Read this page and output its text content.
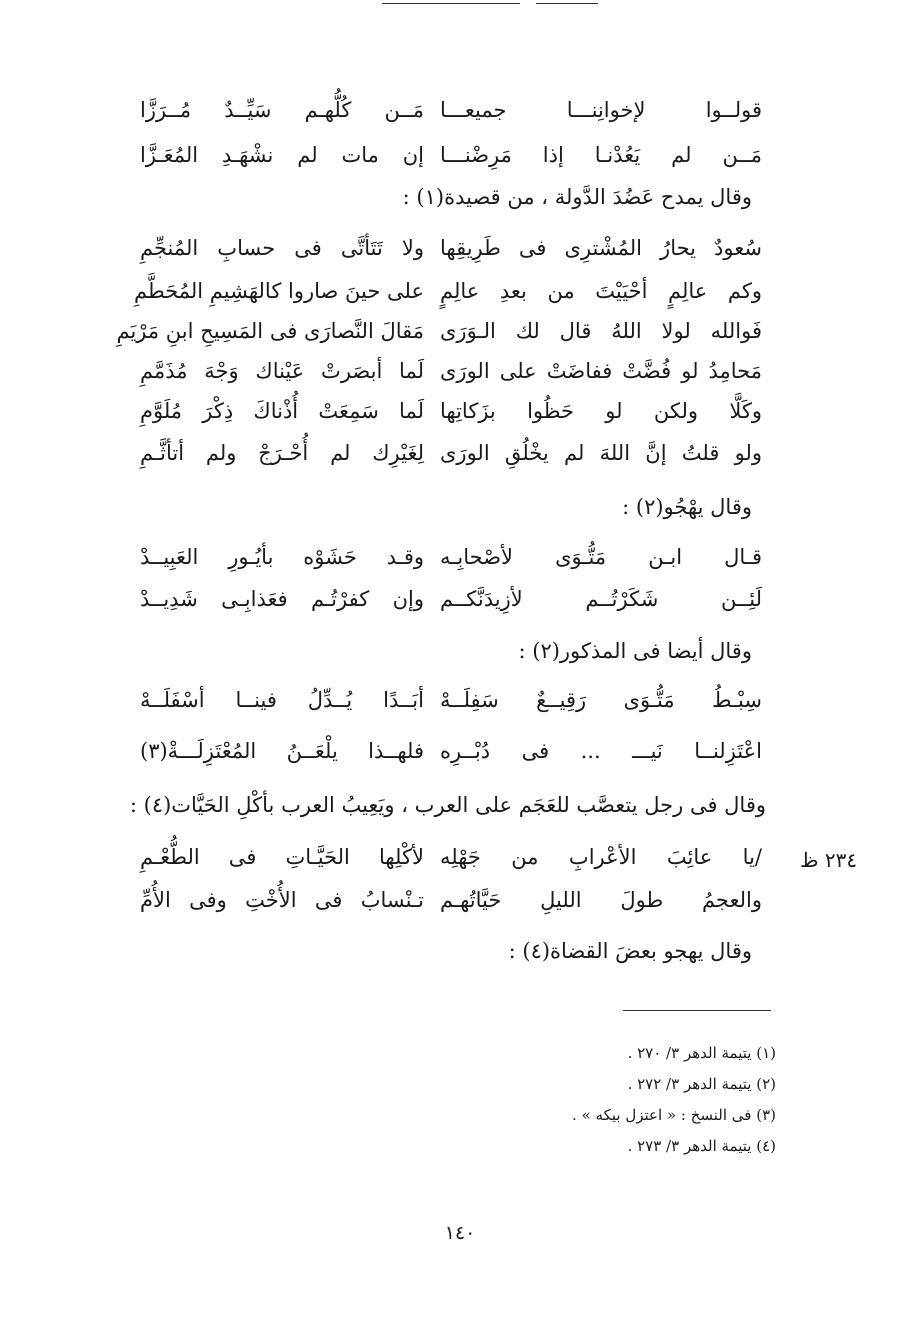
قولــوا لإخوانِنـــا جميعـــا
مَــن كُلُّهـم سَيِّــدٌ مُــرَزَّا
مَــن لم يَعُدْنـا إذا مَرِضْنـــا
إن مات لم نشْهَـدِ المُعَـزَّا
وقال يمدح عَضُدَ الدَّولة ، من قصيدة(١) :
سُعودٌ يحارُ المُشْترِى فى طَرِيقِها
ولا تَتَأتَّى فى حسابِ المُنجِّمِ
وكم عالِمٍ أحْيَيْتَ من بعدِ عالِمٍ
على حينَ صاروا كالهَشِيمِ المُحَطَّمِ
فَوالله لولا اللهُ قال لك الـوَرَى
مَقالَ النَّصارَى فى المَسِيحِ ابنِ مَرْيَمِ
مَحامِدُ لو فُضَّتْ ففاضَتْ على الورَى
لَما أبصَرتْ عَيْناك وَجْهَ مُذَمَّمِ
وكَلَّا ولكن لو حَظُوا بزَكاتِها
لَما سَمِعَتْ أُذْناكَ ذِكْرَ مُلَوَّمِ
ولو قلتُ إنَّ اللهَ لم يخْلُقِ الورَى
لِغَيْرِك لم أُحْـرَجْ ولم أتأثَّـمِ
وقال يهْجُو(٢) :
قـال ابـن مَتُّـوَى لأصْحابِـه
وقـد حَشَوْه بأيُـورِ العَبِيــدْ
لَئِــن شَكَرْتُــم لأزِيدَنَّكــم
وإن كفرْتُـم فعَذابِـى شَدِيــدْ
وقال أيضا فى المذكور(٢) :
سِبْـطُ مَتُّـوَى رَقِيــعٌ سَفِلَــهْ
أبَــدًا يُــدِّلُ فينــا أسْفَلَــهْ
اعْتَزِلنــا نَيـــ ... فى دُبْــرِه
فلهــذا يلْعَــنُ المُعْتَزِلَـــةْ(٣)
وقال فى رجل يتعصَّب للعَجَم على العرب ، ويَعِيبُ العرب بأكْلِ الحَيَّات(٤) :
٢٣٤ ظ
/يا عائِبَ الأعْرابِ من جَهْلِه
لأكْلِها الحَيَّـاتِ فى الطُّعْـمِ
والعجمُ طولَ الليلِ حَيَّاتُهـم
تـنْسابُ فى الأُخْتِ وفى الأُمِّ
وقال يهجو بعضَ القضاة(٤) :
(١) يتيمة الدهر ٣/ ٢٧٠ .
(٢) يتيمة الدهر ٣/ ٢٧٢ .
(٣) فى النسخ : « اعتزل بيكه » .
(٤) يتيمة الدهر ٣/ ٢٧٣ .
١٤٠
